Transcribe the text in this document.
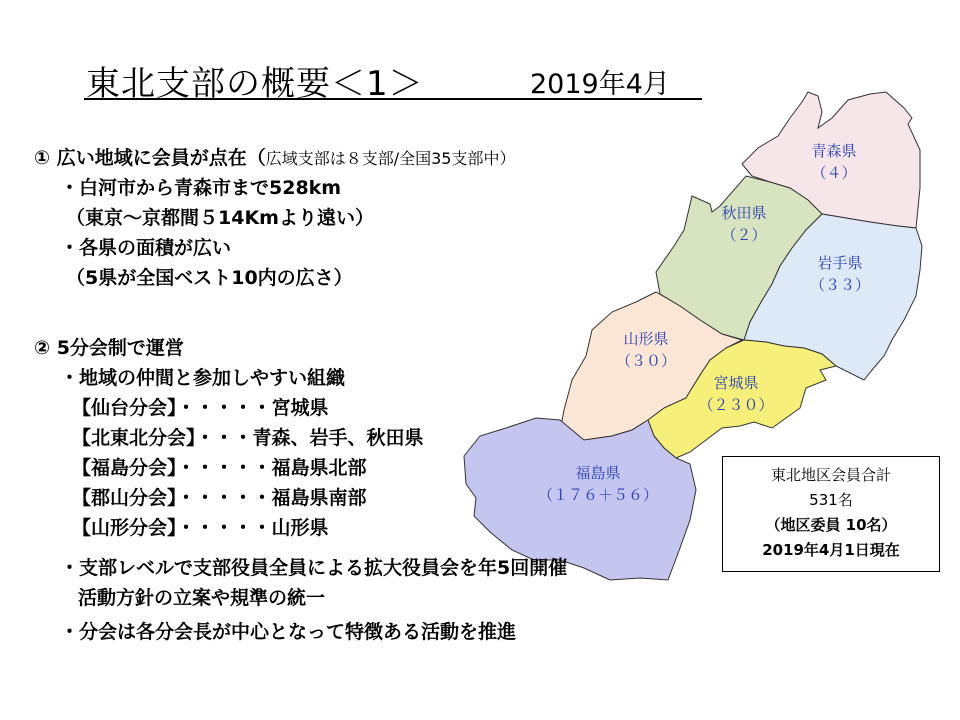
東北支部の概要＜1＞	2019年4月
青森県
（４）
秋田県
（２）
岩手県
（３３）
山形県
（３０）
宮城県
（２３０）
福島県
（１７６＋５６）
① 広い地域に会員が点在（広域支部は８支部/全国35支部中）
・白河市から青森市まで528km
（東京～京都間５14Kmより遠い）
・各県の面積が広い
（5県が全国ベスト10内の広さ）
② 5分会制で運営
・地域の仲間と参加しやすい組織
【仙台分会】・・・・・宮城県
【北東北分会】・・・青森、岩手、秋田県
【福島分会】・・・・・福島県北部
【郡山分会】・・・・・福島県南部
【山形分会】・・・・・山形県
・支部レベルで支部役員全員による拡大役員会を年5回開催
活動方針の立案や規準の統一
・分会は各分会長が中心となって特徴ある活動を推進
東北地区会員合計
531名
（地区委員 10名）
2019年4月1日現在
